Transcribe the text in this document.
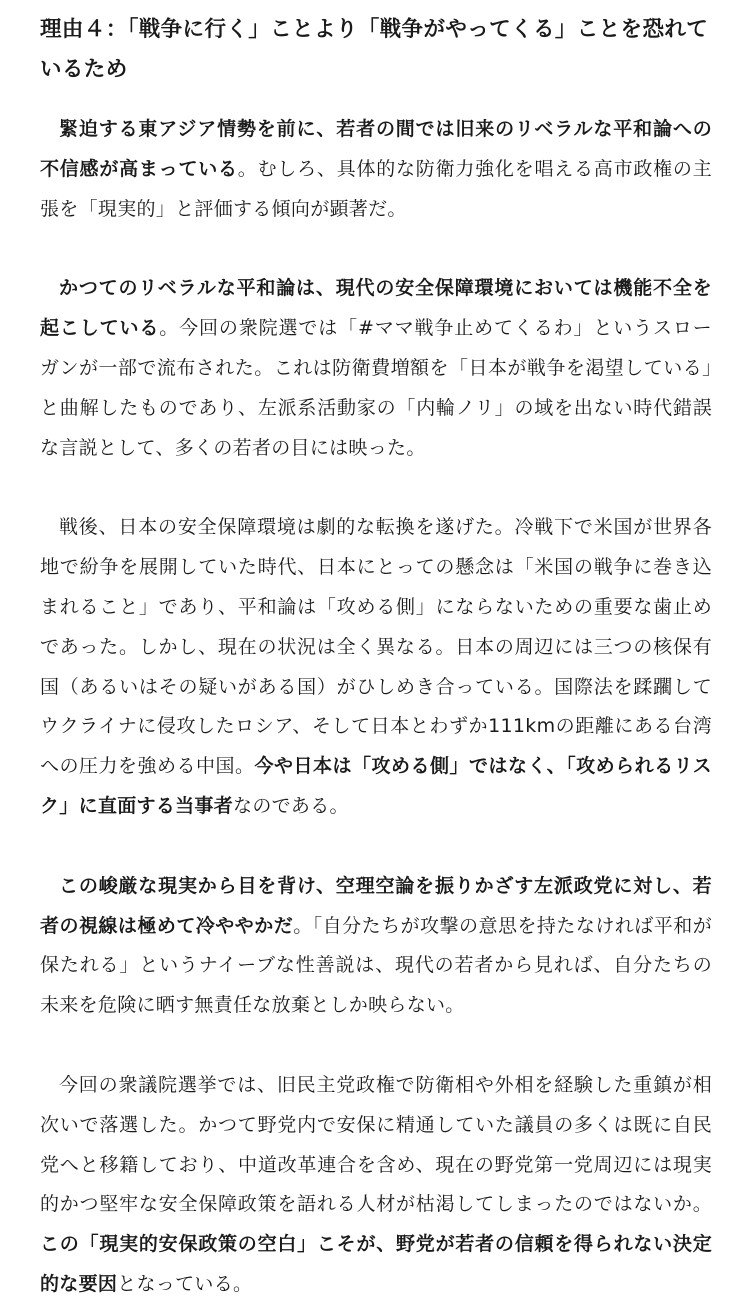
理由４：「戦争に行く」ことより「戦争がやってくる」ことを恐れているため

緊迫する東アジア情勢を前に、若者の間では旧来のリベラルな平和論への不信感が高まっている。むしろ、具体的な防衛力強化を唱える高市政権の主張を「現実的」と評価する傾向が顕著だ。

かつてのリベラルな平和論は、現代の安全保障環境においては機能不全を起こしている。今回の衆院選では「#ママ戦争止めてくるわ」というスローガンが一部で流布された。これは防衛費増額を「日本が戦争を渇望している」と曲解したものであり、左派系活動家の「内輪ノリ」の域を出ない時代錯誤な言説として、多くの若者の目には映った。

戦後、日本の安全保障環境は劇的な転換を遂げた。冷戦下で米国が世界各地で紛争を展開していた時代、日本にとっての懸念は「米国の戦争に巻き込まれること」であり、平和論は「攻める側」にならないための重要な歯止めであった。しかし、現在の状況は全く異なる。日本の周辺には三つの核保有国（あるいはその疑いがある国）がひしめき合っている。国際法を蹂躙してウクライナに侵攻したロシア、そして日本とわずか111kmの距離にある台湾への圧力を強める中国。今や日本は「攻める側」ではなく、「攻められるリスク」に直面する当事者なのである。

この峻厳な現実から目を背け、空理空論を振りかざす左派政党に対し、若者の視線は極めて冷ややかだ。「自分たちが攻撃の意思を持たなければ平和が保たれる」というナイーブな性善説は、現代の若者から見れば、自分たちの未来を危険に晒す無責任な放棄としか映らない。

今回の衆議院選挙では、旧民主党政権で防衛相や外相を経験した重鎮が相次いで落選した。かつて野党内で安保に精通していた議員の多くは既に自民党へと移籍しており、中道改革連合を含め、現在の野党第一党周辺には現実的かつ堅牢な安全保障政策を語れる人材が枯渇してしまったのではないか。この「現実的安保政策の空白」こそが、野党が若者の信頼を得られない決定的な要因となっている。
